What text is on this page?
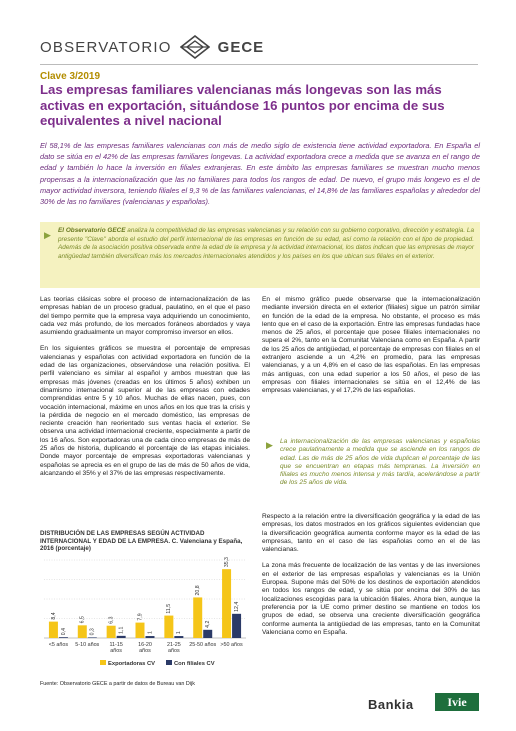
OBSERVATORIO	GECE
Clave 3/2019
Las empresas familiares valencianas más longevas son las más activas en exportación, situándose 16 puntos por encima de sus equivalentes a nivel nacional
El 58,1% de las empresas familiares valencianas con más de medio siglo de existencia tiene actividad exportadora. En España el dato se sitúa en el 42% de las empresas familiares longevas. La actividad exportadora crece a medida que se avanza en el rango de edad y también lo hace la inversión en filiales extranjeras. En este ámbito las empresas familiares se muestran mucho menos propensas a la internacionalización que las no familiares para todos los rangos de edad. De nuevo, el grupo más longevo es el de mayor actividad inversora, teniendo filiales el 9,3 % de las familiares valencianas, el 14,8% de las familiares españolas y alrededor del 30% de las no familiares (valencianas y españolas).
▶ El Observatorio GECE analiza la competitividad de las empresas valencianas y su relación con su gobierno corporativo, dirección y estrategia. La presente "Clave" aborda el estudio del perfil internacional de las empresas en función de su edad, así como la relación con el tipo de propiedad. Además de la asociación positiva observada entre la edad de la empresa y la actividad internacional, los datos indican que las empresas de mayor antigüedad también diversifican más los mercados internacionales atendidos y los países en los que ubican sus filiales en el exterior.

Las teorías clásicas sobre el proceso de internacionalización de las empresas hablan de un proceso gradual, paulatino, en el que el paso del tiempo permite que la empresa vaya adquiriendo un conocimiento, cada vez más profundo, de los mercados foráneos abordados y vaya asumiendo gradualmente un mayor compromiso inversor en ellos.

En los siguientes gráficos se muestra el porcentaje de empresas valencianas y españolas con actividad exportadora en función de la edad de las organizaciones, observándose una relación positiva. El perfil valenciano es similar al español y ambos muestran que las empresas más jóvenes (creadas en los últimos 5 años) exhiben un dinamismo internacional superior al de las empresas con edades comprendidas entre 5 y 10 años. Muchas de ellas nacen, pues, con vocación internacional, máxime en unos años en los que tras la crisis y la pérdida de negocio en el mercado doméstico, las empresas de reciente creación han reorientado sus ventas hacia el exterior. Se observa una actividad internacional creciente, especialmente a partir de los 16 años. Son exportadoras una de cada cinco empresas de más de 25 años de historia, duplicando el porcentaje de las etapas iniciales. Donde mayor porcentaje de empresas exportadoras valencianas y españolas se aprecia es en el grupo de las de más de 50 años de vida, alcanzando el 35% y el 37% de las empresas respectivamente.

En el mismo gráfico puede observarse que la internacionalización mediante inversión directa en el exterior (filiales) sigue un patrón similar en función de la edad de la empresa. No obstante, el proceso es más lento que en el caso de la exportación. Entre las empresas fundadas hace menos de 25 años, el porcentaje que posee filiales internacionales no supera el 2%, tanto en la Comunitat Valenciana como en España. A partir de los 25 años de antigüedad, el porcentaje de empresas con filiales en el extranjero asciende a un 4,2% en promedio, para las empresas valencianas, y a un 4,8% en el caso de las españolas. En las empresas más antiguas, con una edad superior a los 50 años, el peso de las empresas con filiales internacionales se sitúa en el 12,4% de las empresas valencianas, y el 17,2% de las españolas.

▶ La internacionalización de las empresas valencianas y españolas crece paulatinamente a medida que se asciende en los rangos de edad. Las de más de 25 años de vida duplican el porcentaje de las que se encuentran en etapas más tempranas. La inversión en filiales es mucho menos intensa y más tardía, acelerándose a partir de los 25 años de vida.

Respecto a la relación entre la diversificación geográfica y la edad de las empresas, los datos mostrados en los gráficos siguientes evidencian que la diversificación geográfica aumenta conforme mayor es la edad de las empresas, tanto en el caso de las españolas como en el de las valencianas.

La zona más frecuente de localización de las ventas y de las inversiones en el exterior de las empresas españolas y valencianas es la Unión Europea. Supone más del 50% de los destinos de exportación atendidos en todos los rangos de edad, y se sitúa por encima del 30% de las localizaciones escogidas para la ubicación filiales. Ahora bien, aunque la preferencia por la UE como primer destino se mantiene en todos los grupos de edad, se observa una creciente diversificación geográfica conforme aumenta la antigüedad de las empresas, tanto en la Comunitat Valenciana como en España.

DISTRIBUCIÓN DE LAS EMPRESAS SEGÚN ACTIVIDAD INTERNACIONAL Y EDAD DE LA EMPRESA. C. Valenciana y España, 2016 (porcentaje)
8,4
0,4
<5 años
6,5
0,3
5-10 años
6,3
1,1
11-15 años
7,9
1
16-20 años
11,5
1
21-25 años
20,8
4,2
25-50 años
35,3
12,4
>50 años
Exportadoras CV	Con filiales CV
Fuente: Observatorio GECE a partir de datos de Bureau van Dijk
Bankia	Ivie
